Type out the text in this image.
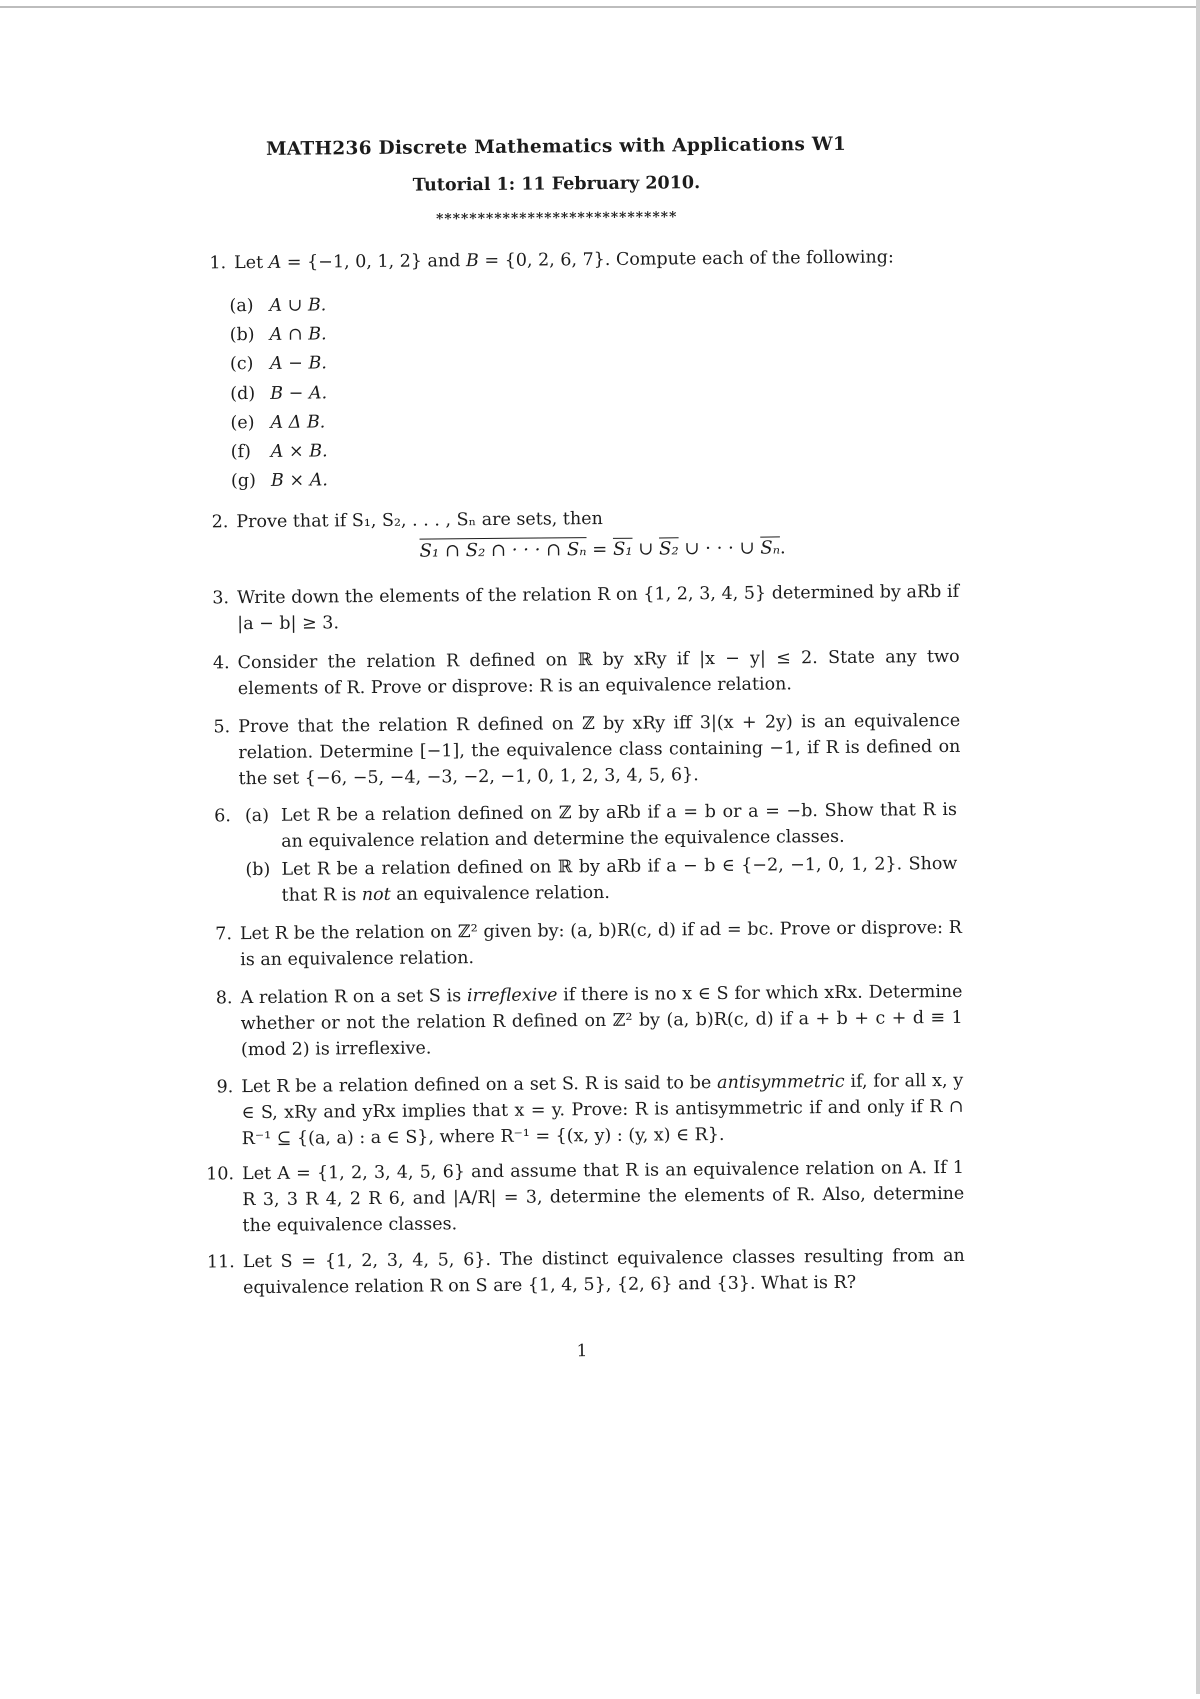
MATH236 Discrete Mathematics with Applications W1
Tutorial 1: 11 February 2010.
*****************************
1. Let A = {−1, 0, 1, 2} and B = {0, 2, 6, 7}. Compute each of the following:
(a) A ∪ B.
(b) A ∩ B.
(c) A − B.
(d) B − A.
(e) A Δ B.
(f) A × B.
(g) B × A.
2. Prove that if S₁, S₂, . . . , Sₙ are sets, then
S₁ ∩ S₂ ∩ · · · ∩ Sₙ = S₁ ∪ S₂ ∪ · · · ∪ $\overline{S_n}$.
3. Write down the elements of the relation R on {1, 2, 3, 4, 5} determined by aRb if |a − b| ≥ 3.
4. Consider the relation R defined on ℝ by xRy if |x − y| ≤ 2. State any two elements of R. Prove or disprove: R is an equivalence relation.
5. Prove that the relation R defined on ℤ by xRy iff 3|(x + 2y) is an equivalence relation. Determine [−1], the equivalence class containing −1, if R is defined on the set {−6, −5, −4, −3, −2, −1, 0, 1, 2, 3, 4, 5, 6}.
6. (a) Let R be a relation defined on ℤ by aRb if a = b or a = −b. Show that R is an equivalence relation and determine the equivalence classes.
(b) Let R be a relation defined on ℝ by aRb if a − b ∈ {−2, −1, 0, 1, 2}. Show that R is not an equivalence relation.
7. Let R be the relation on ℤ² given by: (a, b)R(c, d) if ad = bc. Prove or disprove: R is an equivalence relation.
8. A relation R on a set S is irreflexive if there is no x ∈ S for which xRx. Determine whether or not the relation R defined on ℤ² by (a, b)R(c, d) if a + b + c + d ≡ 1 (mod 2) is irreflexive.
9. Let R be a relation defined on a set S. R is said to be antisymmetric if, for all x, y ∈ S, xRy and yRx implies that x = y. Prove: R is antisymmetric if and only if R ∩ R⁻¹ ⊆ {(a, a) : a ∈ S}, where R⁻¹ = {(x, y) : (y, x) ∈ R}.
10. Let A = {1, 2, 3, 4, 5, 6} and assume that R is an equivalence relation on A. If 1 R 3, 3 R 4, 2 R 6, and |A/R| = 3, determine the elements of R. Also, determine the equivalence classes.
11. Let S = {1, 2, 3, 4, 5, 6}. The distinct equivalence classes resulting from an equivalence relation R on S are {1, 4, 5}, {2, 6} and {3}. What is R?
1
